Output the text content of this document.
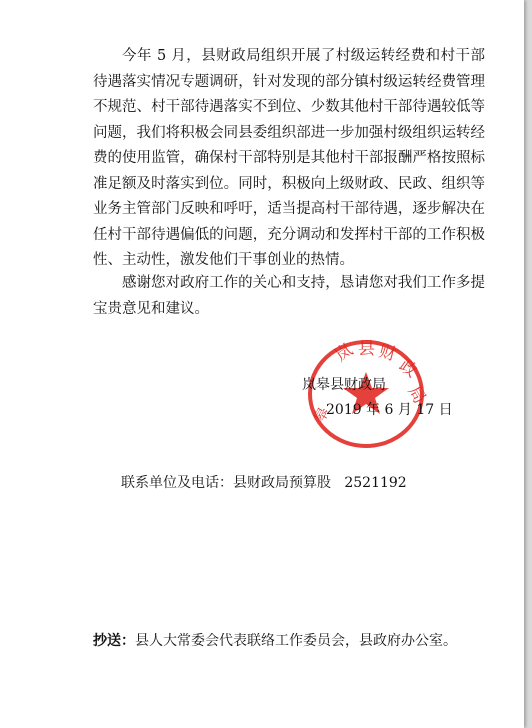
今年 5 月，县财政局组织开展了村级运转经费和村干部待遇落实情况专题调研，针对发现的部分镇村级运转经费管理不规范、村干部待遇落实不到位、少数其他村干部待遇较低等问题，我们将积极会同县委组织部进一步加强村级组织运转经费的使用监管，确保村干部特别是其他村干部报酬严格按照标准足额及时落实到位。同时，积极向上级财政、民政、组织等业务主管部门反映和呼吁，适当提高村干部待遇，逐步解决在任村干部待遇偏低的问题，充分调动和发挥村干部的工作积极性、主动性，激发他们干事创业的热情。

感谢您对政府工作的关心和支持，恳请您对我们工作多提宝贵意见和建议。

岚 县 财
政
局
皋
岚皋县财政局
2019 年 6 月 17 日
联系单位及电话：县财政局预算股   2521192
抄送：县人大常委会代表联络工作委员会，县政府办公室。
